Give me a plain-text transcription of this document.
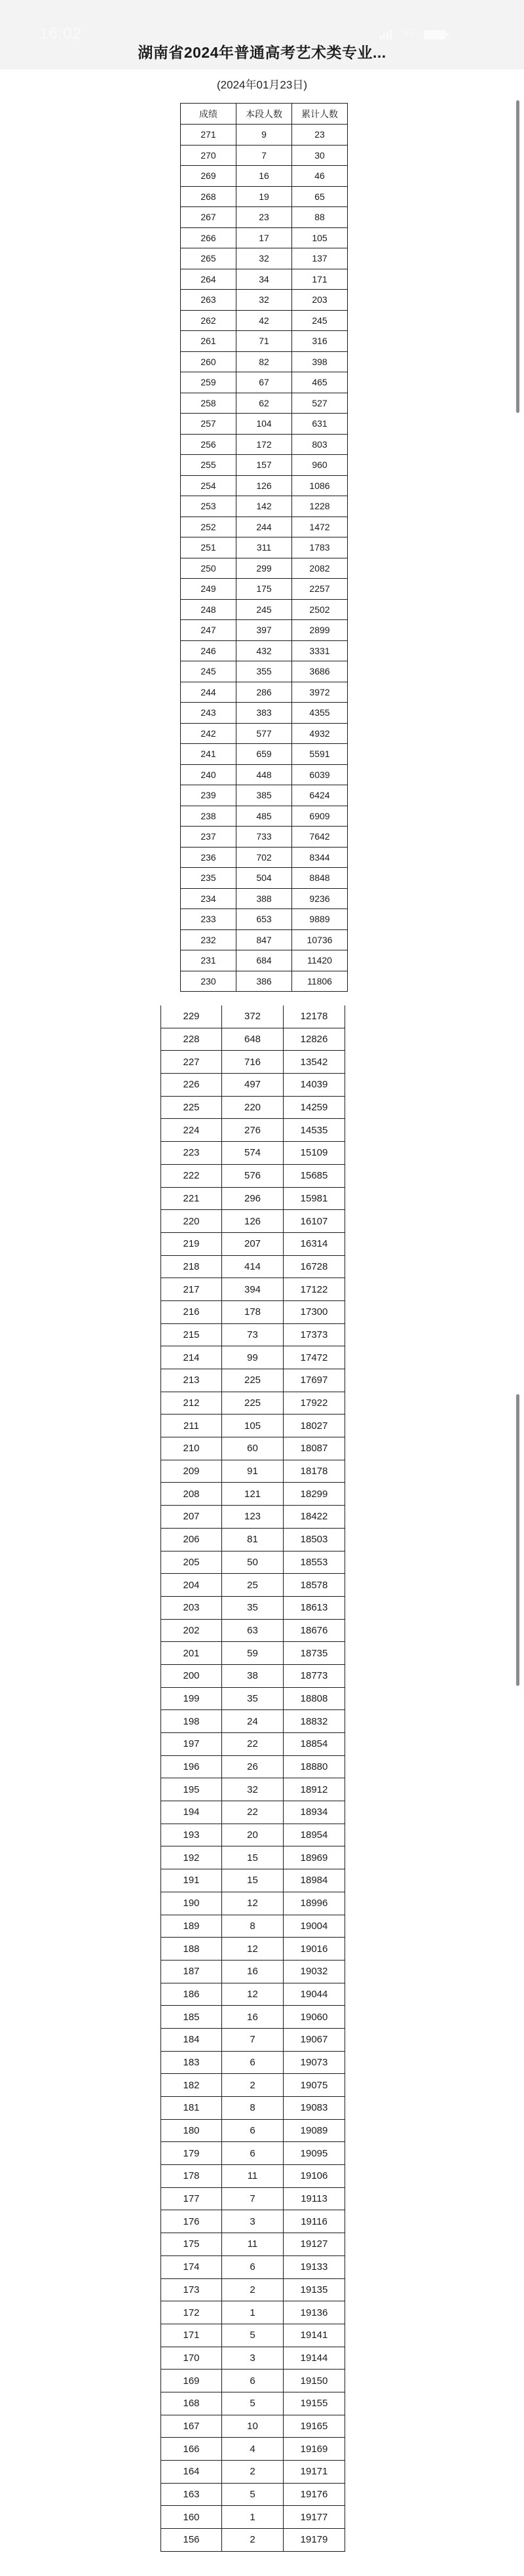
16:02	5G
湖南省2024年普通高考艺术类专业...
(2024年01月23日)
成绩	本段人数	累计人数
271	9	23
270	7	30
269	16	46
268	19	65
267	23	88
266	17	105
265	32	137
264	34	171
263	32	203
262	42	245
261	71	316
260	82	398
259	67	465
258	62	527
257	104	631
256	172	803
255	157	960
254	126	1086
253	142	1228
252	244	1472
251	311	1783
250	299	2082
249	175	2257
248	245	2502
247	397	2899
246	432	3331
245	355	3686
244	286	3972
243	383	4355
242	577	4932
241	659	5591
240	448	6039
239	385	6424
238	485	6909
237	733	7642
236	702	8344
235	504	8848
234	388	9236
233	653	9889
232	847	10736
231	684	11420
230	386	11806
229	372	12178
228	648	12826
227	716	13542
226	497	14039
225	220	14259
224	276	14535
223	574	15109
222	576	15685
221	296	15981
220	126	16107
219	207	16314
218	414	16728
217	394	17122
216	178	17300
215	73	17373
214	99	17472
213	225	17697
212	225	17922
211	105	18027
210	60	18087
209	91	18178
208	121	18299
207	123	18422
206	81	18503
205	50	18553
204	25	18578
203	35	18613
202	63	18676
201	59	18735
200	38	18773
199	35	18808
198	24	18832
197	22	18854
196	26	18880
195	32	18912
194	22	18934
193	20	18954
192	15	18969
191	15	18984
190	12	18996
189	8	19004
188	12	19016
187	16	19032
186	12	19044
185	16	19060
184	7	19067
183	6	19073
182	2	19075
181	8	19083
180	6	19089
179	6	19095
178	11	19106
177	7	19113
176	3	19116
175	11	19127
174	6	19133
173	2	19135
172	1	19136
171	5	19141
170	3	19144
169	6	19150
168	5	19155
167	10	19165
166	4	19169
164	2	19171
163	5	19176
160	1	19177
156	2	19179
